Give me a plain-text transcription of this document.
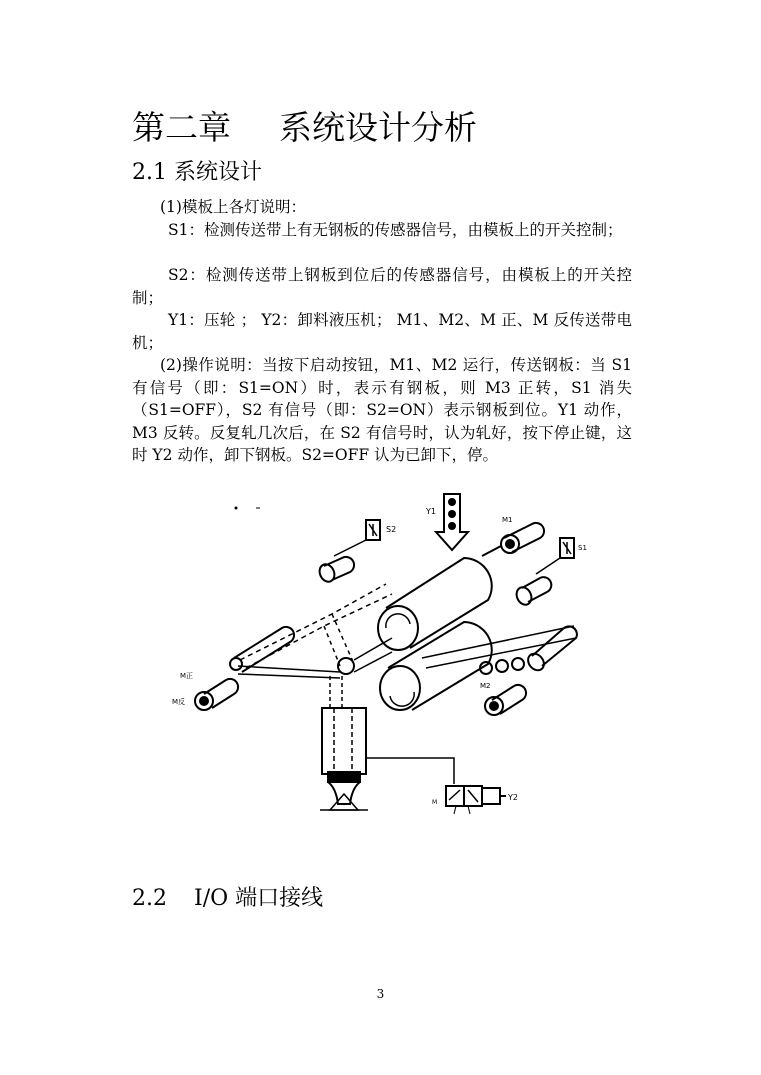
第二章 系统设计分析
2.1 系统设计
(1)模板上各灯说明：
S1：检测传送带上有无钢板的传感器信号，由模板上的开关控制；
S2：检测传送带上钢板到位后的传感器信号，由模板上的开关控制；
Y1：压轮 ； Y2：卸料液压机； M1、M2、M 正、M 反传送带电机；
(2)操作说明：当按下启动按钮，M1、M2 运行，传送钢板：当 S1 有信号（即：S1=ON）时，表示有钢板，则 M3 正转，S1 消失（S1=OFF），S2 有信号（即：S2=ON）表示钢板到位。Y1 动作，M3 反转。反复轧几次后，在 S2 有信号时，认为轧好，按下停止键，这时 Y2 动作，卸下钢板。S2=OFF 认为已卸下，停。
S2
Y1
M1
S1
M2
M正
M反
M
Y2
2.2 I/O 端口接线
3
